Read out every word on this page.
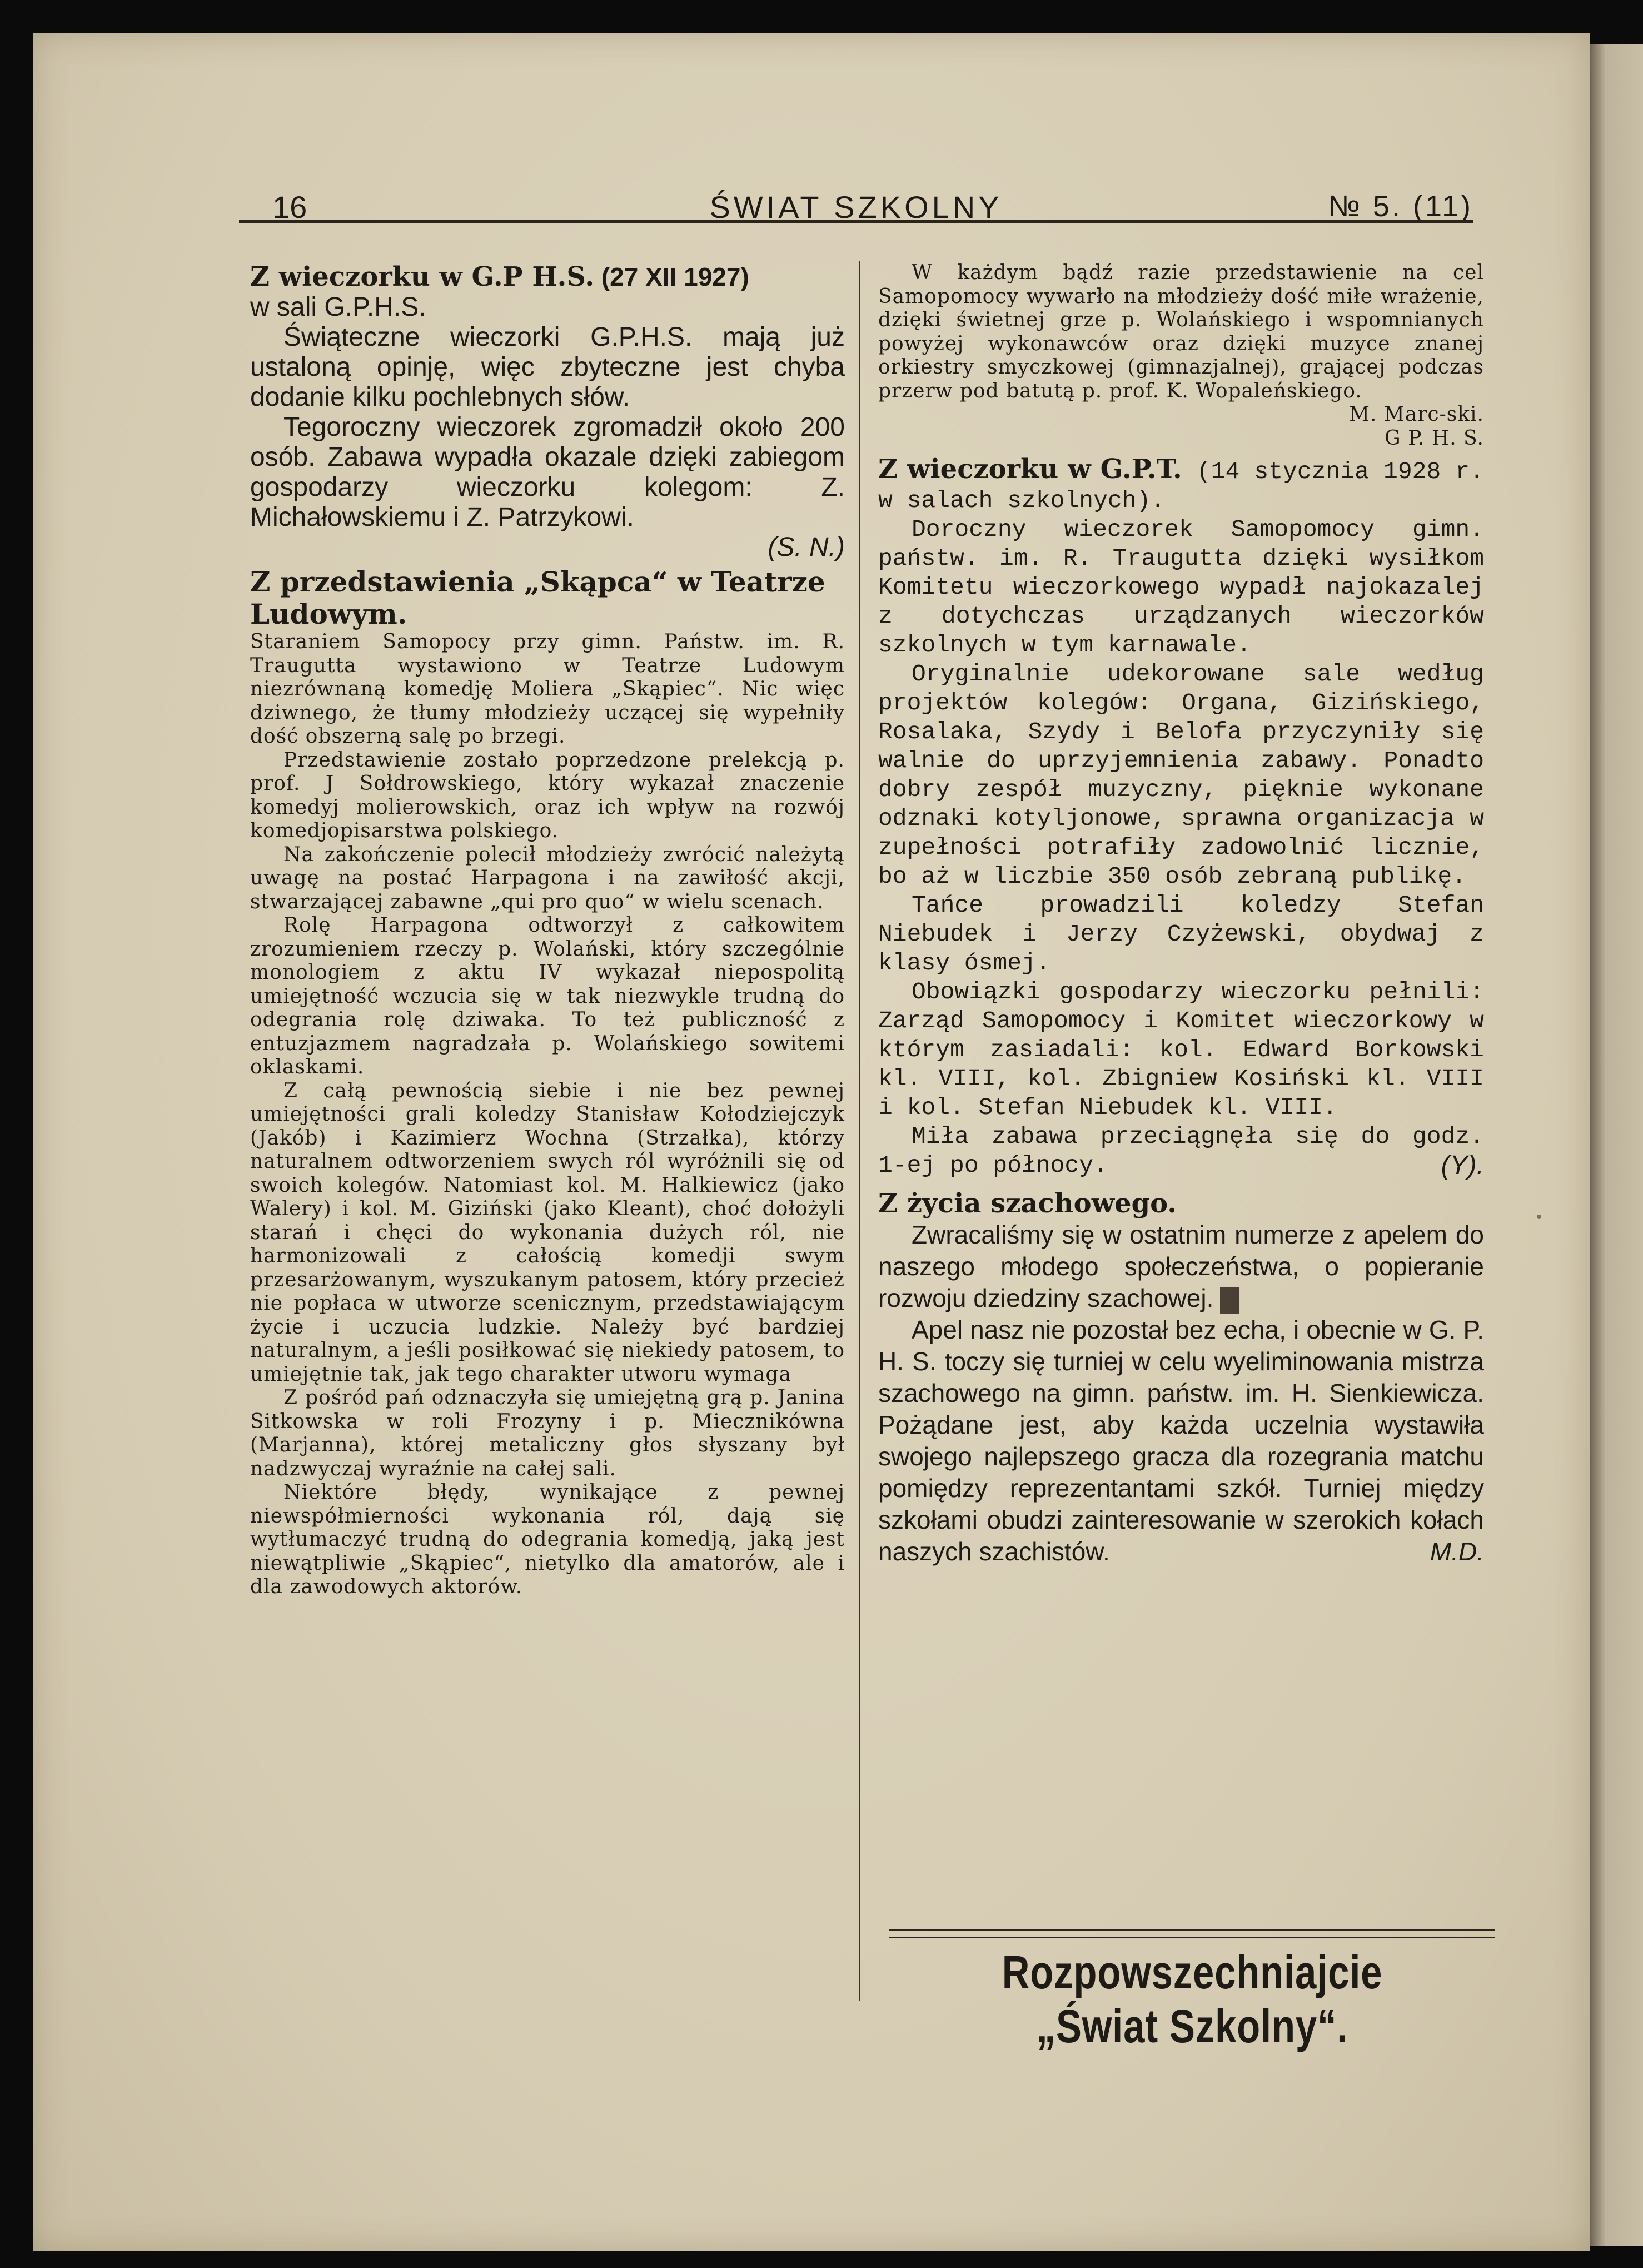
16	ŚWIAT SZKOLNY	№ 5. (11)
Z wieczorku w G.P H.S. (27 XII 1927)
w sali G.P.H.S.
Świąteczne wieczorki G.P.H.S. mają już ustaloną opinję, więc zbyteczne jest chyba dodanie kilku pochlebnych słów.
Tegoroczny wieczorek zgromadził około 200 osób. Zabawa wypadła okazale dzięki zabiegom gospodarzy wieczorku kolegom: Z. Michałowskiemu i Z. Patrzykowi.
(S. N.)
Z przedstawienia „Skąpca“ w Teatrze Ludowym.
Staraniem Samopocy przy gimn. Państw. im. R. Traugutta wystawiono w Teatrze Ludowym niezrównaną komedję Moliera „Skąpiec“. Nic więc dziwnego, że tłumy młodzieży uczącej się wypełniły dość obszerną salę po brzegi.
Przedstawienie zostało poprzedzone prelekcją p. prof. J Sołdrowskiego, który wykazał znaczenie komedyj molierowskich, oraz ich wpływ na rozwój komedjopisarstwa polskiego.
Na zakończenie polecił młodzieży zwrócić należytą uwagę na postać Harpagona i na zawiłość akcji, stwarzającej zabawne „qui pro quo“ w wielu scenach.
Rolę Harpagona odtworzył z całkowitem zrozumieniem rzeczy p. Wolański, który szczególnie monologiem z aktu IV wykazał niepospolitą umiejętność wczucia się w tak niezwykle trudną do odegrania rolę dziwaka. To też publiczność z entuzjazmem nagradzała p. Wolańskiego sowitemi oklaskami.
Z całą pewnością siebie i nie bez pewnej umiejętności grali koledzy Stanisław Kołodziejczyk (Jakób) i Kazimierz Wochna (Strzałka), którzy naturalnem odtworzeniem swych ról wyróżnili się od swoich kolegów. Natomiast kol. M. Halkiewicz (jako Walery) i kol. M. Giziński (jako Kleant), choć dołożyli starań i chęci do wykonania dużych ról, nie harmonizowali z całością komedji swym przesarżowanym, wyszukanym patosem, który przecież nie popłaca w utworze scenicznym, przedstawiającym życie i uczucia ludzkie. Należy być bardziej naturalnym, a jeśli posiłkować się niekiedy patosem, to umiejętnie tak, jak tego charakter utworu wymaga
Z pośród pań odznaczyła się umiejętną grą p. Janina Sitkowska w roli Frozyny i p. Miecznikówna (Marjanna), której metaliczny głos słyszany był nadzwyczaj wyraźnie na całej sali.
Niektóre błędy, wynikające z pewnej niewspółmierności wykonania ról, dają się wytłumaczyć trudną do odegrania komedją, jaką jest niewątpliwie „Skąpiec“, nietylko dla amatorów, ale i dla zawodowych aktorów.
W każdym bądź razie przedstawienie na cel Samopomocy wywarło na młodzieży dość miłe wrażenie, dzięki świetnej grze p. Wolańskiego i wspomnianych powyżej wykonawców oraz dzięki muzyce znanej orkiestry smyczkowej (gimnazjalnej), grającej podczas przerw pod batutą p. prof. K. Wopaleńskiego.
M. Marc-ski.
G P. H. S.
Z wieczorku w G.P.T. (14 stycznia 1928 r. w salach szkolnych).
Doroczny wieczorek Samopomocy gimn. państw. im. R. Traugutta dzięki wysiłkom Komitetu wieczorkowego wypadł najokazalej z dotychczas urządzanych wieczorków szkolnych w tym karnawale.
Oryginalnie udekorowane sale według projektów kolegów: Organa, Gizińskiego, Rosalaka, Szydy i Belofa przyczyniły się walnie do uprzyjemnienia zabawy. Ponadto dobry zespół muzyczny, pięknie wykonane odznaki kotyljonowe, sprawna organizacja w zupełności potrafiły zadowolnić licznie, bo aż w liczbie 350 osób zebraną publikę.
Tańce prowadzili koledzy Stefan Niebudek i Jerzy Czyżewski, obydwaj z klasy ósmej.
Obowiązki gospodarzy wieczorku pełnili: Zarząd Samopomocy i Komitet wieczorkowy w którym zasiadali: kol. Edward Borkowski kl. VIII, kol. Zbigniew Kosiński kl. VIII i kol. Stefan Niebudek kl. VIII.
Miła zabawa przeciągnęła się do godz. 1-ej po północy.	(Y).
Z życia szachowego.
Zwracaliśmy się w ostatnim numerze z apelem do naszego młodego społeczeństwa, o popieranie rozwoju dziedziny szachowej.
Apel nasz nie pozostał bez echa, i obecnie w G. P. H. S. toczy się turniej w celu wyeliminowania mistrza szachowego na gimn. państw. im. H. Sienkiewicza. Pożądane jest, aby każda uczelnia wystawiła swojego najlepszego gracza dla rozegrania matchu pomiędzy reprezentantami szkół. Turniej między szkołami obudzi zainteresowanie w szerokich kołach naszych szachistów.	M.D.
Rozpowszechniajcie „Świat Szkolny“.
